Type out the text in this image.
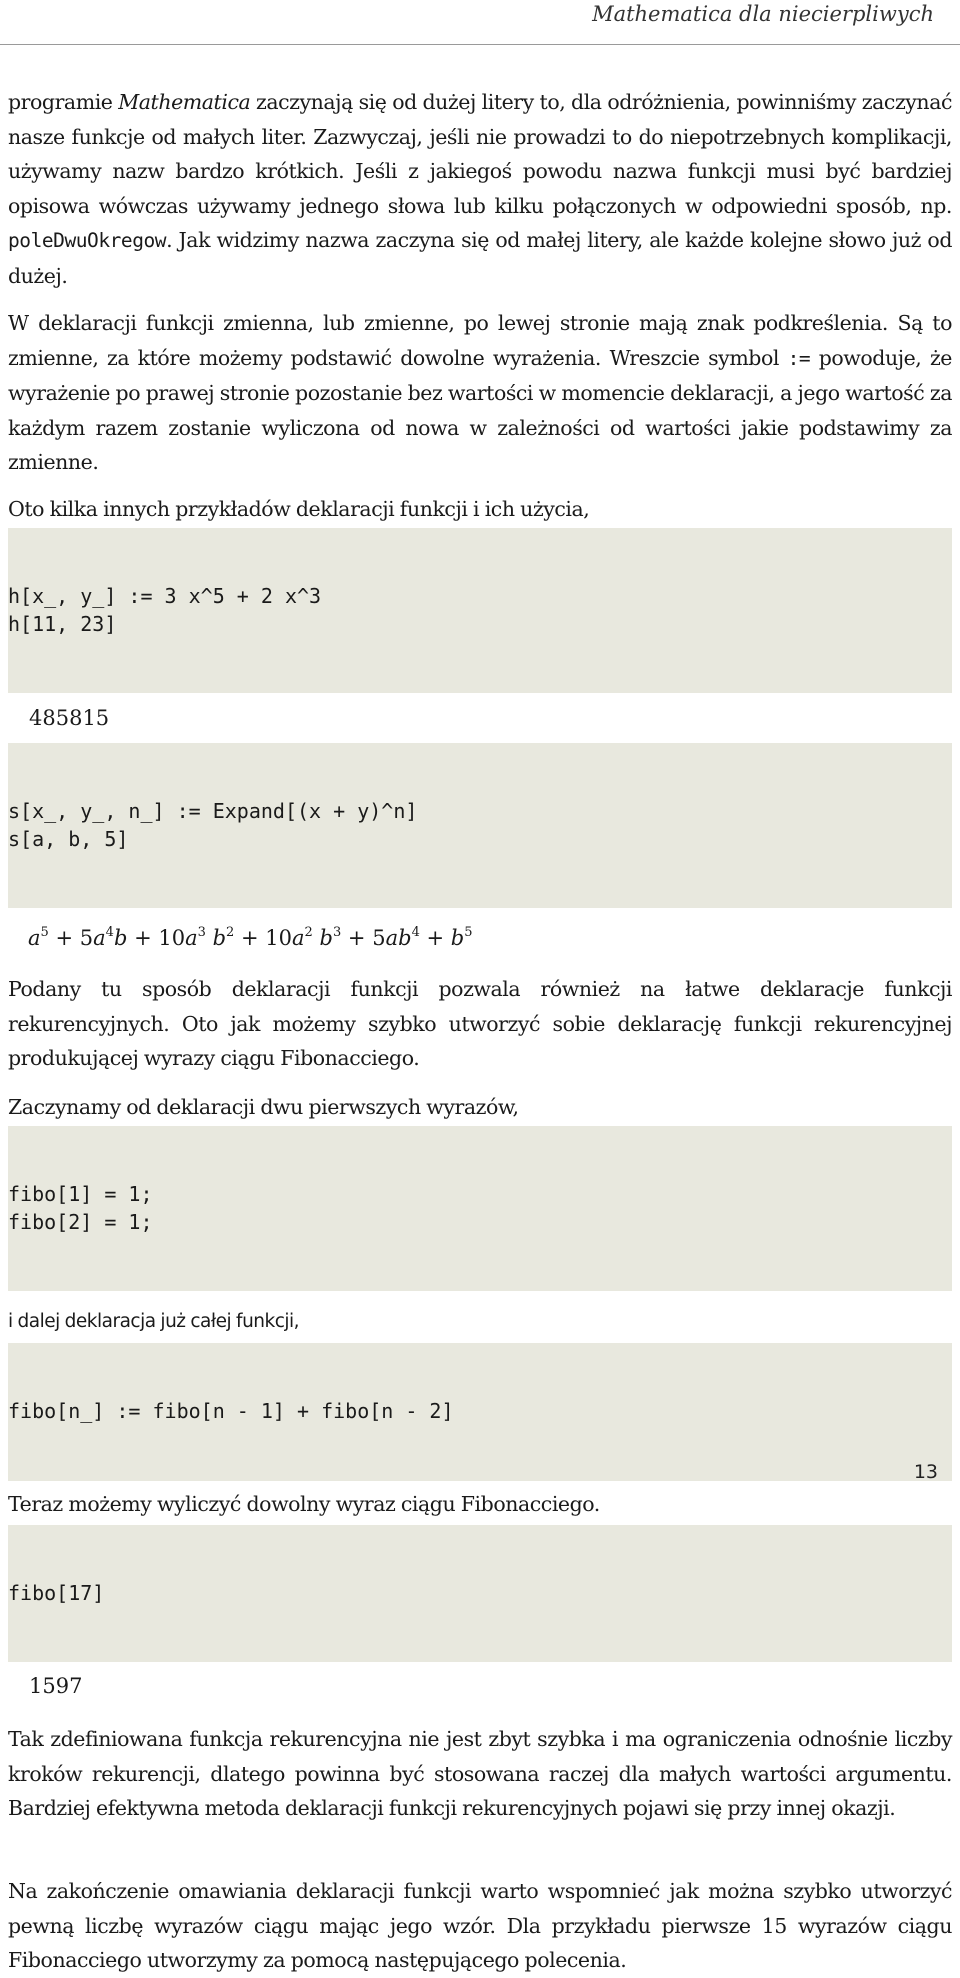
Mathematica dla niecierpliwych

programie Mathematica zaczynają się od dużej litery to, dla odróżnienia, powinniśmy zaczynać nasze funkcje od małych liter. Zazwyczaj, jeśli nie prowadzi to do niepotrzebnych komplikacji, używamy nazw bardzo krótkich. Jeśli z jakiegoś powodu nazwa funkcji musi być bardziej opisowa wówczas używamy jednego słowa lub kilku połączonych w odpowiedni sposób, np. poleDwuOkregow. Jak widzimy nazwa zaczyna się od małej litery, ale każde kolejne słowo już od dużej.

W deklaracji funkcji zmienna, lub zmienne, po lewej stronie mają znak podkreślenia. Są to zmienne, za które możemy podstawić dowolne wyrażenia. Wreszcie symbol := powoduje, że wyrażenie po prawej stronie pozostanie bez wartości w momencie deklaracji, a jego wartość za każdym razem zostanie wyliczona od nowa w zależności od wartości jakie podstawimy za zmienne.

Oto kilka innych przykładów deklaracji funkcji i ich użycia,

h[x_, y_] := 3 x^5 + 2 x^3
h[11, 23]

485815

s[x_, y_, n_] := Expand[(x + y)^n]
s[a, b, 5]

$a^5 + 5a^4b + 10a^3$ $b^2 + 10a^2$ $b^3 + 5ab^4 + b^5$

Podany tu sposób deklaracji funkcji pozwala również na łatwe deklaracje funkcji rekurencyjnych. Oto jak możemy szybko utworzyć sobie deklarację funkcji rekurencyjnej produkującej wyrazy ciągu Fibonacciego.

Zaczynamy od deklaracji dwu pierwszych wyrazów,

fibo[1] = 1;
fibo[2] = 1;

i dalej deklaracja już całej funkcji,

fibo[n_] := fibo[n - 1] + fibo[n - 2]

Teraz możemy wyliczyć dowolny wyraz ciągu Fibonacciego.

fibo[17]

1597

Tak zdefiniowana funkcja rekurencyjna nie jest zbyt szybka i ma ograniczenia odnośnie liczby kroków rekurencji, dlatego powinna być stosowana raczej dla małych wartości argumentu. Bardziej efektywna metoda deklaracji funkcji rekurencyjnych pojawi się przy innej okazji.

Na zakończenie omawiania deklaracji funkcji warto wspomnieć jak można szybko utworzyć pewną liczbę wyrazów ciągu mając jego wzór. Dla przykładu pierwsze 15 wyrazów ciągu Fibonacciego utworzymy za pomocą następującego polecenia.

13
